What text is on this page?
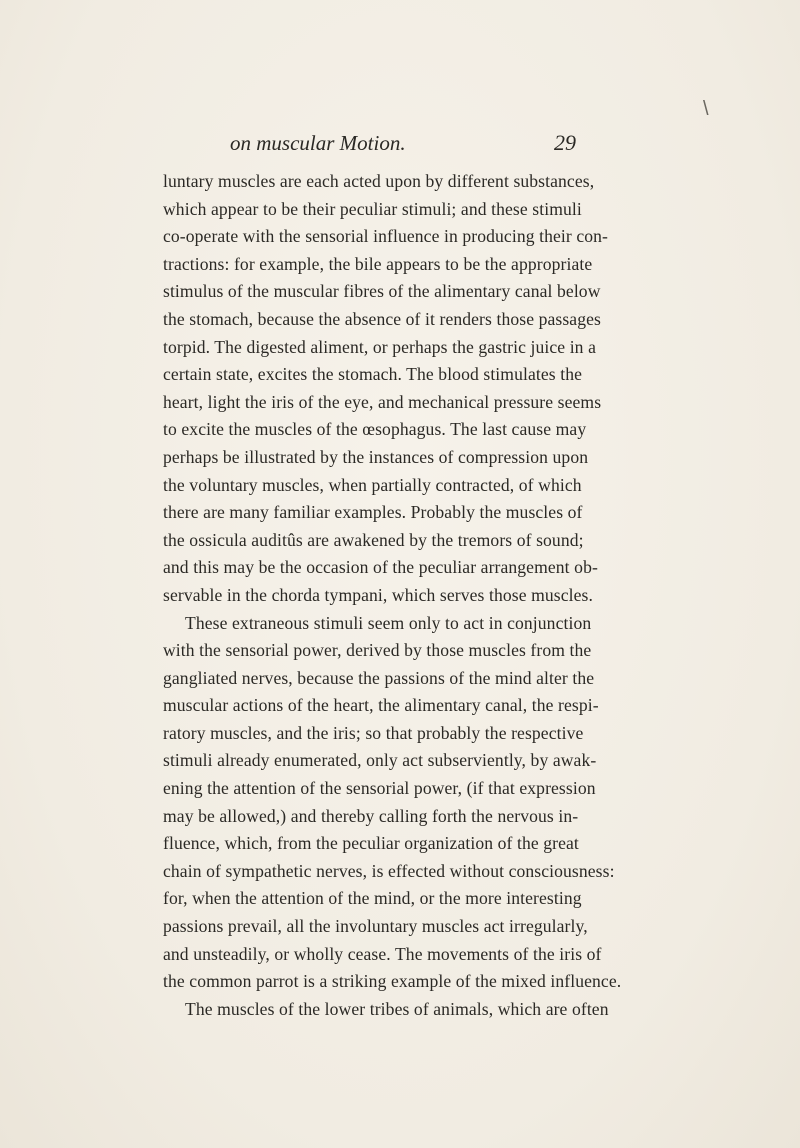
\
on muscular Motion.	29
luntary muscles are each acted upon by different substances,
which appear to be their peculiar stimuli; and these stimuli
co-operate with the sensorial influence in producing their con-
tractions: for example, the bile appears to be the appropriate
stimulus of the muscular fibres of the alimentary canal below
the stomach, because the absence of it renders those passages
torpid. The digested aliment, or perhaps the gastric juice in a
certain state, excites the stomach. The blood stimulates the
heart, light the iris of the eye, and mechanical pressure seems
to excite the muscles of the œsophagus. The last cause may
perhaps be illustrated by the instances of compression upon
the voluntary muscles, when partially contracted, of which
there are many familiar examples. Probably the muscles of
the ossicula auditûs are awakened by the tremors of sound;
and this may be the occasion of the peculiar arrangement ob-
servable in the chorda tympani, which serves those muscles.
These extraneous stimuli seem only to act in conjunction
with the sensorial power, derived by those muscles from the
gangliated nerves, because the passions of the mind alter the
muscular actions of the heart, the alimentary canal, the respi-
ratory muscles, and the iris; so that probably the respective
stimuli already enumerated, only act subserviently, by awak-
ening the attention of the sensorial power, (if that expression
may be allowed,) and thereby calling forth the nervous in-
fluence, which, from the peculiar organization of the great
chain of sympathetic nerves, is effected without consciousness:
for, when the attention of the mind, or the more interesting
passions prevail, all the involuntary muscles act irregularly,
and unsteadily, or wholly cease. The movements of the iris of
the common parrot is a striking example of the mixed influence.
The muscles of the lower tribes of animals, which are often
